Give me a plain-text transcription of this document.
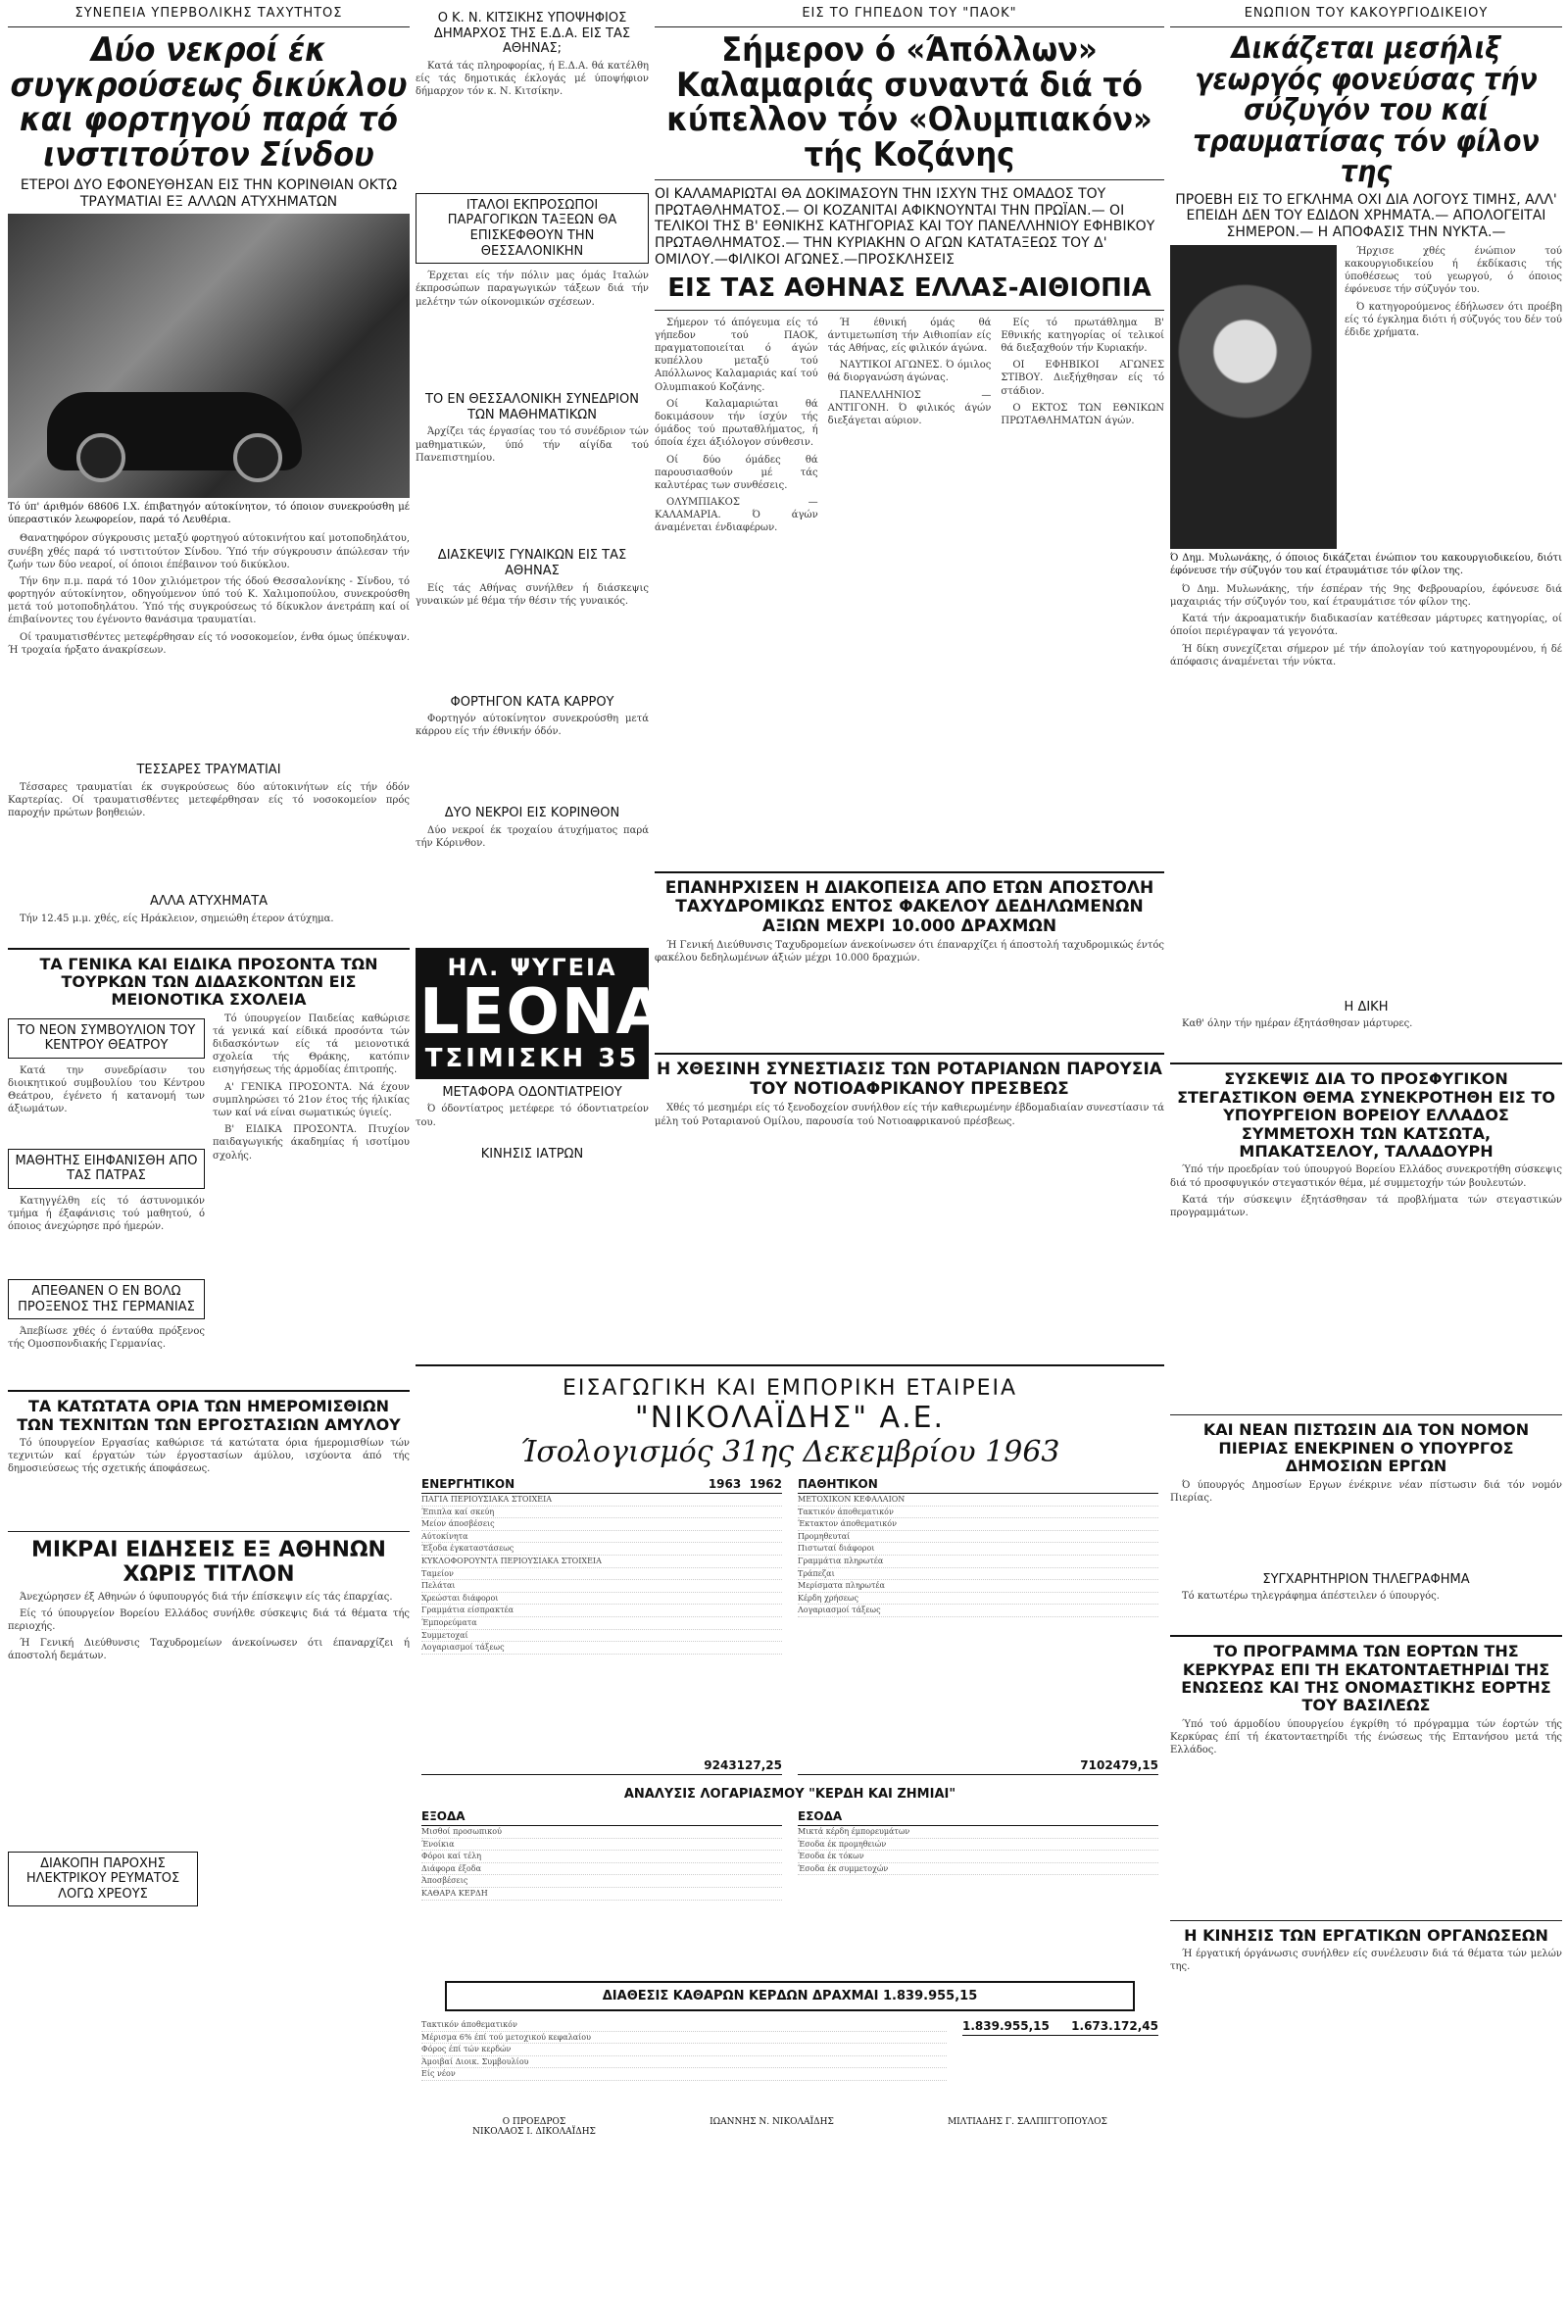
ΣΥΝΕΠΕΙΑ ΥΠΕΡΒΟΛΙΚΗΣ ΤΑΧΥΤΗΤΟΣ
Δύο νεκροί έκ συγκρούσεως δικύκλου και φορτηγού παρά τό ινστιτούτον Σίνδου
ΕΤΕΡΟΙ ΔΥΟ ΕΦΟΝΕΥΘΗΣΑΝ ΕΙΣ ΤΗΝ ΚΟΡΙΝΘΙΑΝ ΟΚΤΩ ΤΡΑΥΜΑΤΙΑΙ ΕΞ ΑΛΛΩΝ ΑΤΥΧΗΜΑΤΩΝ
Τό ύπ' άριθμόν 68606 Ι.Χ. έπιβατηγόν αύτοκίνητον, τό όποιον συνεκρούσθη μέ ύπεραστικόν λεωφορείον, παρά τό Λευθέρια.

Θανατηφόρον σύγκρουσις μεταξύ φορτηγού αύτοκινήτου καί μοτοποδηλάτου, συνέβη χθές παρά τό ινστιτούτον Σίνδου. Ύπό τήν σύγκρουσιν άπώλεσαν τήν ζωήν των δύο νεαροί, οί όποιοι έπέβαινον τού δικύκλου.

Τήν 6ην π.μ. παρά τό 10ον χιλιόμετρον τής όδού Θεσσαλονίκης - Σίνδου, τό φορτηγόν αύτοκίνητον, οδηγούμενον ύπό τού Κ. Χαλιμοπούλου, συνεκρούσθη μετά τού μοτοποδηλάτου. Ύπό τής συγκρούσεως τό δίκυκλον άνετράπη καί οί έπιβαίνοντες του έγένοντο θανάσιμα τραυματίαι.

Οί τραυματισθέντες μετεφέρθησαν είς τό νοσοκομείον, ένθα όμως ύπέκυψαν. Ή τροχαία ήρξατο άνακρίσεων.

ΤΕΣΣΑΡΕΣ ΤΡΑΥΜΑΤΙΑΙ

Τέσσαρες τραυματίαι έκ συγκρούσεως δύο αύτοκινήτων είς τήν όδόν Καρτερίας. Οί τραυματισθέντες μετεφέρθησαν είς τό νοσοκομείον πρός παροχήν πρώτων βοηθειών.

ΑΛΛΑ ΑΤΥΧΗΜΑΤΑ

Τήν 12.45 μ.μ. χθές, είς Ηράκλειον, σημειώθη έτερον άτύχημα.

ΤΑ ΓΕΝΙΚΑ ΚΑΙ ΕΙΔΙΚΑ ΠΡΟΣΟΝΤΑ ΤΩΝ ΤΟΥΡΚΩΝ ΤΩΝ ΔΙΔΑΣΚΟΝΤΩΝ ΕΙΣ ΜΕΙΟΝΟΤΙΚΑ ΣΧΟΛΕΙΑ
ΤΟ ΝΕΟΝ ΣΥΜΒΟΥΛΙΟΝ ΤΟΥ ΚΕΝΤΡΟΥ ΘΕΑΤΡΟΥ

Κατά την συνεδρίασιν του διοικητικού συμβουλίου του Κέντρου Θεάτρου, έγένετο ή κατανομή των άξιωμάτων.

ΜΑΘΗΤΗΣ ΕΙΗΦΑΝΙΣΘΗ ΑΠΟ ΤΑΣ ΠΑΤΡΑΣ

Κατηγγέλθη είς τό άστυνομικόν τμήμα ή έξαφάνισις τού μαθητού, ό όποιος άνεχώρησε πρό ήμερών.

ΑΠΕΘΑΝΕΝ Ο ΕΝ ΒΟΛΩ ΠΡΟΞΕΝΟΣ ΤΗΣ ΓΕΡΜΑΝΙΑΣ

Άπεβίωσε χθές ό ένταύθα πρόξενος τής Ομοσπονδιακής Γερμανίας.

Τό ύπουργείον Παιδείας καθώρισε τά γενικά καί είδικά προσόντα τών διδασκόντων είς τά μειονοτικά σχολεία τής Θράκης, κατόπιν εισηγήσεως τής άρμοδίας έπιτροπής.

Α' ΓΕΝΙΚΑ ΠΡΟΣΟΝΤΑ. Νά έχουν συμπληρώσει τό 21ον έτος τής ήλικίας των καί νά είναι σωματικώς ύγιείς.

Β' ΕΙΔΙΚΑ ΠΡΟΣΟΝΤΑ. Πτυχίον παιδαγωγικής άκαδημίας ή ισοτίμου σχολής.

ΤΑ ΚΑΤΩΤΑΤΑ ΟΡΙΑ ΤΩΝ ΗΜΕΡΟΜΙΣΘΙΩΝ ΤΩΝ ΤΕΧΝΙΤΩΝ ΤΩΝ ΕΡΓΟΣΤΑΣΙΩΝ ΑΜΥΛΟΥ

Τό ύπουργείον Εργασίας καθώρισε τά κατώτατα όρια ήμερομισθίων τών τεχνιτών καί έργατών τών έργοστασίων άμύλου, ισχύοντα άπό τής δημοσιεύσεως τής σχετικής άποφάσεως.

ΜΙΚΡΑΙ ΕΙΔΗΣΕΙΣ ΕΞ ΑΘΗΝΩΝ ΧΩΡΙΣ ΤΙΤΛΟΝ

Άνεχώρησεν έξ Αθηνών ό ύφυπουργός διά τήν έπίσκεψιν είς τάς έπαρχίας.

Είς τό ύπουργείον Βορείου Ελλάδος συνήλθε σύσκεψις διά τά θέματα τής περιοχής.

Ή Γενική Διεύθυνσις Ταχυδρομείων άνεκοίνωσεν ότι έπαναρχίζει ή άποστολή δεμάτων.

ΔΙΑΚΟΠΗ ΠΑΡΟΧΗΣ ΗΛΕΚΤΡΙΚΟΥ ΡΕΥΜΑΤΟΣ ΛΟΓΩ ΧΡΕΟΥΣ
Ο Κ. Ν. ΚΙΤΣΙΚΗΣ ΥΠΟΨΗΦΙΟΣ ΔΗΜΑΡΧΟΣ ΤΗΣ Ε.Δ.Α. ΕΙΣ ΤΑΣ ΑΘΗΝΑΣ;

Κατά τάς πληροφορίας, ή Ε.Δ.Α. θά κατέλθη είς τάς δημοτικάς έκλογάς μέ ύποψήφιον δήμαρχον τόν κ. Ν. Κιτσίκην.

ΙΤΑΛΟΙ ΕΚΠΡΟΣΩΠΟΙ ΠΑΡΑΓΟΓΙΚΩΝ ΤΑΞΕΩΝ ΘΑ ΕΠΙΣΚΕΦΘΟΥΝ ΤΗΝ ΘΕΣΣΑΛΟΝΙΚΗΝ

Έρχεται είς τήν πόλιν μας όμάς Ιταλών έκπροσώπων παραγωγικών τάξεων διά τήν μελέτην τών οίκονομικών σχέσεων.

ΤΟ ΕΝ ΘΕΣΣΑΛΟΝΙΚΗ ΣΥΝΕΔΡΙΟΝ ΤΩΝ ΜΑΘΗΜΑΤΙΚΩΝ

Άρχίζει τάς έργασίας του τό συνέδριον τών μαθηματικών, ύπό τήν αίγίδα τού Πανεπιστημίου.

ΔΙΑΣΚΕΨΙΣ ΓΥΝΑΙΚΩΝ ΕΙΣ ΤΑΣ ΑΘΗΝΑΣ

Είς τάς Αθήνας συνήλθεν ή διάσκεψις γυναικών μέ θέμα τήν θέσιν τής γυναικός.

ΦΟΡΤΗΓΟΝ ΚΑΤΑ ΚΑΡΡΟΥ

Φορτηγόν αύτοκίνητον συνεκρούσθη μετά κάρρου είς τήν έθνικήν όδόν.

ΔΥΟ ΝΕΚΡΟΙ ΕΙΣ ΚΟΡΙΝΘΟΝ

Δύο νεκροί έκ τροχαίου άτυχήματος παρά τήν Κόρινθον.

ΗΛ. ΨΥΓΕΙΑ
LEONARD
ΤΣΙΜΙΣΚΗ 35
ΜΕΤΑΦΟΡΑ ΟΔΟΝΤΙΑΤΡΕΙΟΥ

Ό όδοντίατρος μετέφερε τό όδοντιατρείον του.

ΚΙΝΗΣΙΣ ΙΑΤΡΩΝ
ΕΙΣ ΤΟ ΓΗΠΕΔΟΝ ΤΟΥ "ΠΑΟΚ"
Σήμερον ό «Άπόλλων» Καλαμαριάς συναντά διά τό κύπελλον τόν «Ολυμπιακόν» τής Κοζάνης
ΟΙ ΚΑΛΑΜΑΡΙΩΤΑΙ ΘΑ ΔΟΚΙΜΑΣΟΥΝ ΤΗΝ ΙΣΧΥΝ ΤΗΣ ΟΜΑΔΟΣ ΤΟΥ ΠΡΩΤΑΘΛΗΜΑΤΟΣ.— ΟΙ ΚΟΖΑΝΙΤΑΙ ΑΦΙΚΝΟΥΝΤΑΙ ΤΗΝ ΠΡΩΪΑΝ.— ΟΙ ΤΕΛΙΚΟΙ ΤΗΣ Β' ΕΘΝΙΚΗΣ ΚΑΤΗΓΟΡΙΑΣ ΚΑΙ ΤΟΥ ΠΑΝΕΛΛΗΝΙΟΥ ΕΦΗΒΙΚΟΥ ΠΡΩΤΑΘΛΗΜΑΤΟΣ.— ΤΗΝ ΚΥΡΙΑΚΗΝ Ο ΑΓΩΝ ΚΑΤΑΤΑΞΕΩΣ ΤΟΥ Δ' ΟΜΙΛΟΥ.—ΦΙΛΙΚΟΙ ΑΓΩΝΕΣ.—ΠΡΟΣΚΛΗΣΕΙΣ
ΕΙΣ ΤΑΣ ΑΘΗΝΑΣ ΕΛΛΑΣ-ΑΙΘΙΟΠΙΑ

Σήμερον τό άπόγευμα είς τό γήπεδον τού ΠΑΟΚ, πραγματοποιείται ό άγών κυπέλλου μεταξύ τού Απόλλωνος Καλαμαριάς καί τού Ολυμπιακού Κοζάνης.

Οί Καλαμαριώται θά δοκιμάσουν τήν ίσχύν τής όμάδος τού πρωταθλήματος, ή όποία έχει άξιόλογον σύνθεσιν.

Οί δύο όμάδες θά παρουσιασθούν μέ τάς καλυτέρας των συνθέσεις.

ΟΛΥΜΠΙΑΚΟΣ — ΚΑΛΑΜΑΡΙΑ. Ό άγών άναμένεται ένδιαφέρων.

Ή έθνική όμάς θά άντιμετωπίση τήν Αιθιοπίαν είς τάς Αθήνας, είς φιλικόν άγώνα.

ΝΑΥΤΙΚΟΙ ΑΓΩΝΕΣ. Ό όμιλος θά διοργανώση άγώνας.

ΠΑΝΕΛΛΗΝΙΟΣ — ΑΝΤΙΓΟΝΗ. Ό φιλικός άγών διεξάγεται αύριον.

Είς τό πρωτάθλημα Β' Εθνικής κατηγορίας οί τελικοί θά διεξαχθούν τήν Κυριακήν.

ΟΙ ΕΦΗΒΙΚΟΙ ΑΓΩΝΕΣ ΣΤΙΒΟΥ. Διεξήχθησαν είς τό στάδιον.

Ο ΕΚΤΟΣ ΤΩΝ ΕΘΝΙΚΩΝ ΠΡΩΤΑΘΛΗΜΑΤΩΝ άγών.

ΕΠΑΝΗΡΧΙΣΕΝ Η ΔΙΑΚΟΠΕΙΣΑ ΑΠΟ ΕΤΩΝ ΑΠΟΣΤΟΛΗ ΤΑΧΥΔΡΟΜΙΚΩΣ ΕΝΤΟΣ ΦΑΚΕΛΟΥ ΔΕΔΗΛΩΜΕΝΩΝ ΑΞΙΩΝ ΜΕΧΡΙ 10.000 ΔΡΑΧΜΩΝ

Ή Γενική Διεύθυνσις Ταχυδρομείων άνεκοίνωσεν ότι έπαναρχίζει ή άποστολή ταχυδρομικώς έντός φακέλου δεδηλωμένων άξιών μέχρι 10.000 δραχμών.

Η ΧΘΕΣΙΝΗ ΣΥΝΕΣΤΙΑΣΙΣ ΤΩΝ ΡΟΤΑΡΙΑΝΩΝ ΠΑΡΟΥΣΙΑ ΤΟΥ ΝΟΤΙΟΑΦΡΙΚΑΝΟΥ ΠΡΕΣΒΕΩΣ

Χθές τό μεσημέρι είς τό ξενοδοχείον συνήλθον είς τήν καθιερωμένην έβδομαδιαίαν συνεστίασιν τά μέλη τού Ροταριανού Ομίλου, παρουσία τού Νοτιοαφρικανού πρέσβεως.

ΕΝΩΠΙΟΝ ΤΟΥ ΚΑΚΟΥΡΓΙΟΔΙΚΕΙΟΥ
Δικάζεται μεσήλιξ γεωργός φονεύσας τήν σύζυγόν του καί τραυματίσας τόν φίλον της
ΠΡΟΕΒΗ ΕΙΣ ΤΟ ΕΓΚΛΗΜΑ ΟΧΙ ΔΙΑ ΛΟΓΟΥΣ ΤΙΜΗΣ, ΑΛΛ' ΕΠΕΙΔΗ ΔΕΝ ΤΟΥ ΕΔΙΔΟΝ ΧΡΗΜΑΤΑ.— ΑΠΟΛΟΓΕΙΤΑΙ ΣΗΜΕΡΟΝ.— Η ΑΠΟΦΑΣΙΣ ΤΗΝ ΝΥΚΤΑ.—

Ήρχισε χθές ένώπιον τού κακουργιοδικείου ή έκδίκασις τής ύποθέσεως τού γεωργού, ό όποιος έφόνευσε τήν σύζυγόν του.

Ό κατηγορούμενος έδήλωσεν ότι προέβη είς τό έγκλημα διότι ή σύζυγός του δέν τού έδιδε χρήματα.

Ό Δημ. Μυλωνάκης, ό όποιος δικάζεται ένώπιον του κακουργιοδικείου, διότι έφόνευσε τήν σύζυγόν του καί έτραυμάτισε τόν φίλον της.

Ό Δημ. Μυλωνάκης, τήν έσπέραν τής 9ης Φεβρουαρίου, έφόνευσε διά μαχαιριάς τήν σύζυγόν του, καί έτραυμάτισε τόν φίλον της.

Κατά τήν άκροαματικήν διαδικασίαν κατέθεσαν μάρτυρες κατηγορίας, οί όποίοι περιέγραψαν τά γεγονότα.

Ή δίκη συνεχίζεται σήμερον μέ τήν άπολογίαν τού κατηγορουμένου, ή δέ άπόφασις άναμένεται τήν νύκτα.

Η ΔΙΚΗ

Καθ' όλην τήν ημέραν έξητάσθησαν μάρτυρες.

ΣΥΣΚΕΨΙΣ ΔΙΑ ΤΟ ΠΡΟΣΦΥΓΙΚΟΝ ΣΤΕΓΑΣΤΙΚΟΝ ΘΕΜΑ ΣΥΝΕΚΡΟΤΗΘΗ ΕΙΣ ΤΟ ΥΠΟΥΡΓΕΙΟΝ ΒΟΡΕΙΟΥ ΕΛΛΑΔΟΣ ΣΥΜΜΕΤΟΧΗ ΤΩΝ ΚΑΤΣΩΤΑ, ΜΠΑΚΑΤΣΕΛΟΥ, ΤΑΛΑΔΟΥΡΗ

Ύπό τήν προεδρίαν τού ύπουργού Βορείου Ελλάδος συνεκροτήθη σύσκεψις διά τό προσφυγικόν στεγαστικόν θέμα, μέ συμμετοχήν τών βουλευτών.

Κατά τήν σύσκεψιν έξητάσθησαν τά προβλήματα τών στεγαστικών προγραμμάτων.

ΚΑΙ ΝΕΑΝ ΠΙΣΤΩΣΙΝ ΔΙΑ ΤΟΝ ΝΟΜΟΝ ΠΙΕΡΙΑΣ ΕΝΕΚΡΙΝΕΝ Ο ΥΠΟΥΡΓΟΣ ΔΗΜΟΣΙΩΝ ΕΡΓΩΝ

Ό ύπουργός Δημοσίων Εργων ένέκρινε νέαν πίστωσιν διά τόν νομόν Πιερίας.

ΣΥΓΧΑΡΗΤΗΡΙΟΝ ΤΗΛΕΓΡΑΦΗΜΑ

Τό κατωτέρω τηλεγράφημα άπέστειλεν ό ύπουργός.

ΤΟ ΠΡΟΓΡΑΜΜΑ ΤΩΝ ΕΟΡΤΩΝ ΤΗΣ ΚΕΡΚΥΡΑΣ ΕΠΙ ΤΗ ΕΚΑΤΟΝΤΑΕΤΗΡΙΔΙ ΤΗΣ ΕΝΩΣΕΩΣ ΚΑΙ ΤΗΣ ΟΝΟΜΑΣΤΙΚΗΣ ΕΟΡΤΗΣ ΤΟΥ ΒΑΣΙΛΕΩΣ

Ύπό τού άρμοδίου ύπουργείου έγκρίθη τό πρόγραμμα τών έορτών τής Κερκύρας έπί τή έκατονταετηρίδι τής ένώσεως τής Επτανήσου μετά τής Ελλάδος.

Η ΚΙΝΗΣΙΣ ΤΩΝ ΕΡΓΑΤΙΚΩΝ ΟΡΓΑΝΩΣΕΩΝ

Ή έργατική όργάνωσις συνήλθεν είς συνέλευσιν διά τά θέματα τών μελών της.

ΕΙΣΑΓΩΓΙΚΗ ΚΑΙ ΕΜΠΟΡΙΚΗ ΕΤΑΙΡΕΙΑ
"ΝΙΚΟΛΑΪΔΗΣ" Α.Ε.
Ίσολογισμός 31ης Δεκεμβρίου 1963
ΕΝΕΡΓΗΤΙΚΟΝ	1963 1962
ΠΑΓΙΑ ΠΕΡΙΟΥΣΙΑΚΑ ΣΤΟΙΧΕΙΑ
Έπιπλα καί σκεύη
Μείον άποσβέσεις
Αύτοκίνητα
Έξοδα έγκαταστάσεως
ΚΥΚΛΟΦΟΡΟΥΝΤΑ ΠΕΡΙΟΥΣΙΑΚΑ ΣΤΟΙΧΕΙΑ
Ταμείον
Πελάται
Χρεώσται διάφοροι
Γραμμάτια είσπρακτέα
Έμπορεύματα
Συμμετοχαί
Λογαριασμοί τάξεως
9243127,25
ΠΑΘΗΤΙΚΟΝ
ΜΕΤΟΧΙΚΟΝ ΚΕΦΑΛΑΙΟΝ
Τακτικόν άποθεματικόν
Έκτακτον άποθεματικόν
Προμηθευταί
Πιστωταί διάφοροι
Γραμμάτια πληρωτέα
Τράπεζαι
Μερίσματα πληρωτέα
Κέρδη χρήσεως
Λογαριασμοί τάξεως
7102479,15
ΑΝΑΛΥΣΙΣ ΛΟΓΑΡΙΑΣΜΟΥ "ΚΕΡΔΗ ΚΑΙ ΖΗΜΙΑΙ"
ΕΞΟΔΑ
Μισθοί προσωπικού
Ένοίκια
Φόροι καί τέλη
Διάφορα έξοδα
Άποσβέσεις
ΚΑΘΑΡΑ ΚΕΡΔΗ
ΕΣΟΔΑ
Μικτά κέρδη έμπορευμάτων
Έσοδα έκ προμηθειών
Έσοδα έκ τόκων
Έσοδα έκ συμμετοχών
ΔΙΑΘΕΣΙΣ ΚΑΘΑΡΩΝ ΚΕΡΔΩΝ ΔΡΑΧΜΑΙ 1.839.955,15
Τακτικόν άποθεματικόν
Μέρισμα 6% έπί τού μετοχικού κεφαλαίου
Φόρος έπί τών κερδών
Άμοιβαί Διοικ. Συμβουλίου
Είς νέον
1.839.955,15 1.673.172,45
Ο ΠΡΟΕΔΡΟΣ
ΝΙΚΟΛΑΟΣ Ι. ΔΙΚΟΛΑΪΔΗΣ
ΙΩΑΝΝΗΣ Ν. ΝΙΚΟΛΑΪΔΗΣ	ΜΙΛΤΙΑΔΗΣ Γ. ΣΑΛΠΙΓΓΟΠΟΥΛΟΣ
